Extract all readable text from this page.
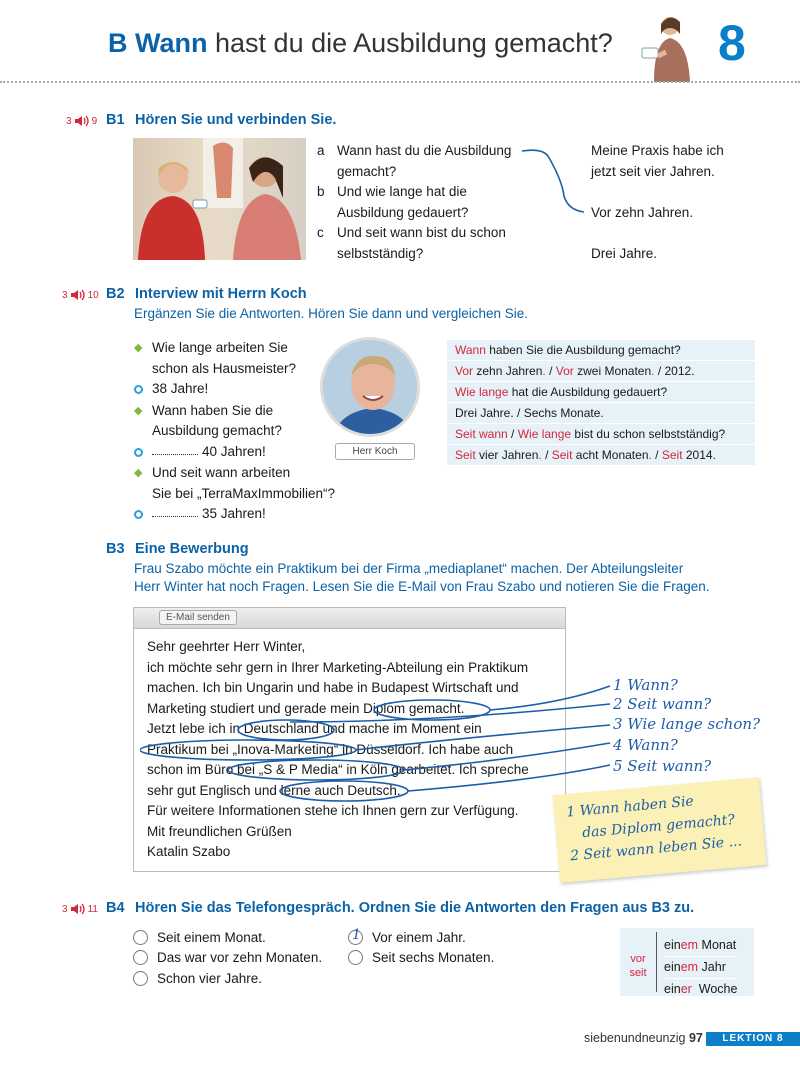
B Wann hast du die Ausbildung gemacht? 8
3 9 B1 Hören Sie und verbinden Sie.
a Wann hast du die Ausbildung
gemacht?
b Und wie lange hat die
Ausbildung gedauert?
c Und seit wann bist du schon
selbstständig?
Meine Praxis habe ich
jetzt seit vier Jahren.
Vor zehn Jahren.
Drei Jahre.
3 10 B2 Interview mit Herrn Koch
Ergänzen Sie die Antworten. Hören Sie dann und vergleichen Sie.
◆ Wie lange arbeiten Sie
schon als Hausmeister?
38 Jahre!
◆ Wann haben Sie die
Ausbildung gemacht?
40 Jahren!
◆ Und seit wann arbeiten
Sie bei „TerraMaxImmobilien“?
35 Jahren!
Herr Koch
Wann haben Sie die Ausbildung gemacht?
Vor zehn Jahren. / Vor zwei Monaten. / 2012.
Wie lange hat die Ausbildung gedauert?
Drei Jahre. / Sechs Monate.
Seit wann / Wie lange bist du schon selbstständig?
Seit vier Jahren. / Seit acht Monaten. / Seit 2014.
B3 Eine Bewerbung
Frau Szabo möchte ein Praktikum bei der Firma „mediaplanet“ machen. Der Abteilungsleiter
Herr Winter hat noch Fragen. Lesen Sie die E-Mail von Frau Szabo und notieren Sie die Fragen.
E-Mail senden
Sehr geehrter Herr Winter,
ich möchte sehr gern in Ihrer Marketing-Abteilung ein Praktikum
machen. Ich bin Ungarin und habe in Budapest Wirtschaft und
Marketing studiert und gerade mein Diplom gemacht.
Jetzt lebe ich in Deutschland und mache im Moment ein
Praktikum bei „Inova-Marketing“ in Düsseldorf. Ich habe auch
schon im Büro bei „S & P Media“ in Köln gearbeitet. Ich spreche
sehr gut Englisch und lerne auch Deutsch.
Für weitere Informationen stehe ich Ihnen gern zur Verfügung.
Mit freundlichen Grüßen
Katalin Szabo
1 Wann?
2 Seit wann?
3 Wie lange schon?
4 Wann?
5 Seit wann?
1 Wann haben Sie
das Diplom gemacht?
2 Seit wann leben Sie ...
3 11 B4 Hören Sie das Telefongespräch. Ordnen Sie die Antworten den Fragen aus B3 zu.
Seit einem Monat.
Das war vor zehn Monaten.
Schon vier Jahre.
1 Vor einem Jahr.
Seit sechs Monaten.	vor
seit
einem Monat
einem Jahr
einer  Woche
siebenundneunzig 97	LEKTION 8
